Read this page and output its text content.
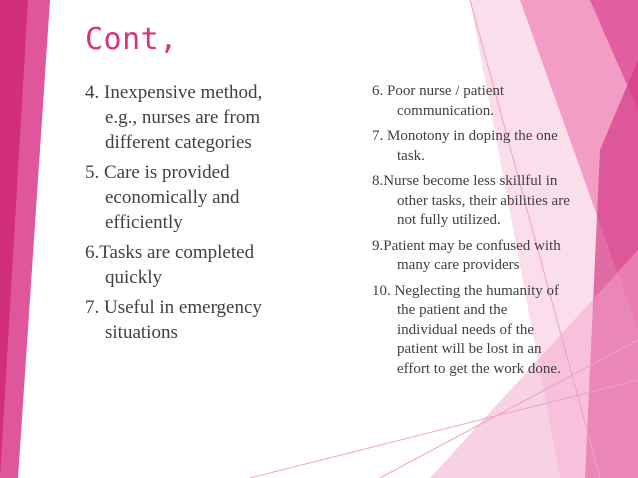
Cont,
4. Inexpensive method,
e.g., nurses are from
different categories
5. Care is provided
economically and
efficiently
6.Tasks are completed
quickly
7. Useful in emergency
situations
6. Poor nurse / patient
communication.
7. Monotony in doping the one
task.
8.Nurse become less skillful in
other tasks, their abilities are
not fully utilized.
9.Patient may be confused with
many care providers
10. Neglecting the humanity of
the patient and the
individual needs of the
patient will be lost in an
effort to get the work done.
